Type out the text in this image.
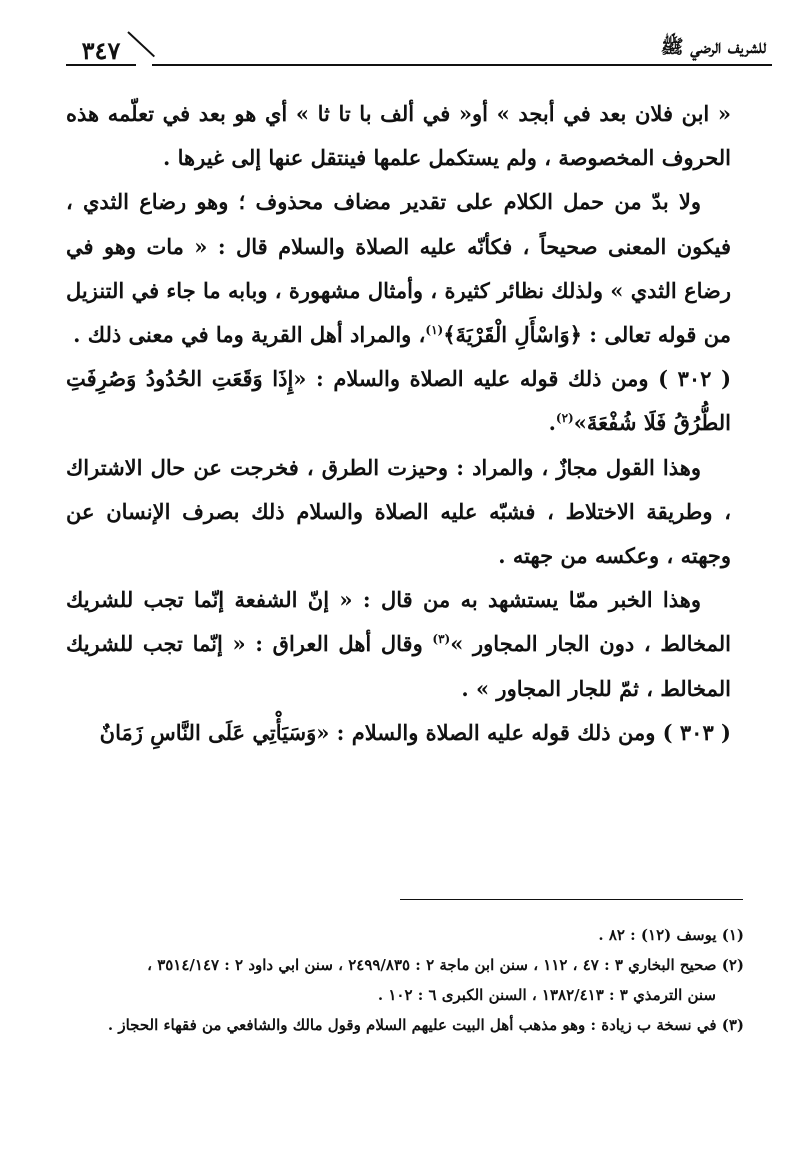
للشريف الرضي ﷺ
٣٤٧

« ابن فلان بعد في أبجد » أو« في ألف با تا ثا » أي هو بعد في تعلّمه هذه الحروف المخصوصة ، ولم يستكمل علمها فينتقل عنها إلى غيرها .

ولا بدّ من حمل الكلام على تقدير مضاف محذوف ؛ وهو رضاع الثدي ، فيكون المعنى صحيحاً ، فكأنّه عليه الصلاة والسلام قال : « مات وهو في رضاع الثدي » ولذلك نظائر كثيرة ، وأمثال مشهورة ، وبابه ما جاء في التنزيل من قوله تعالى : ﴿وَاسْأَلِ الْقَرْيَةَ﴾$^{(١)}$، والمراد أهل القرية وما في معنى ذلك .

( ٣٠٢ ) ومن ذلك قوله عليه الصلاة والسلام : «إِذَا وَقَعَتِ الحُدُودُ وَصُرِفَتِ الطُّرُقُ فَلَا شُفْعَةَ»$^{(٢)}$.

وهذا القول مجازٌ ، والمراد : وحيزت الطرق ، فخرجت عن حال الاشتراك ، وطريقة الاختلاط ، فشبّه عليه الصلاة والسلام ذلك بصرف الإنسان عن وجهته ، وعكسه من جهته .

وهذا الخبر ممّا يستشهد به من قال : « إنّ الشفعة إنّما تجب للشريك المخالط ، دون الجار المجاور »$^{(٣)}$ وقال أهل العراق : « إنّما تجب للشريك المخالط ، ثمّ للجار المجاور » .

( ٣٠٣ ) ومن ذلك قوله عليه الصلاة والسلام : «وَسَيَأْتِي عَلَى النَّاسِ زَمَانٌ

(١) يوسف (١٢) : ٨٢ .

(٢) صحيح البخاري ٣ : ٤٧ ، ١١٢ ، سنن ابن ماجة ٢ : ٢٤٩٩/٨٣٥ ، سنن ابي داود ٢ : ٣٥١٤/١٤٧ ،

سنن الترمذي ٣ : ١٣٨٢/٤١٣ ، السنن الكبرى ٦ : ١٠٢ .

(٣) في نسخة ب زيادة : وهو مذهب أهل البيت عليهم السلام وقول مالك والشافعي من فقهاء الحجاز .
